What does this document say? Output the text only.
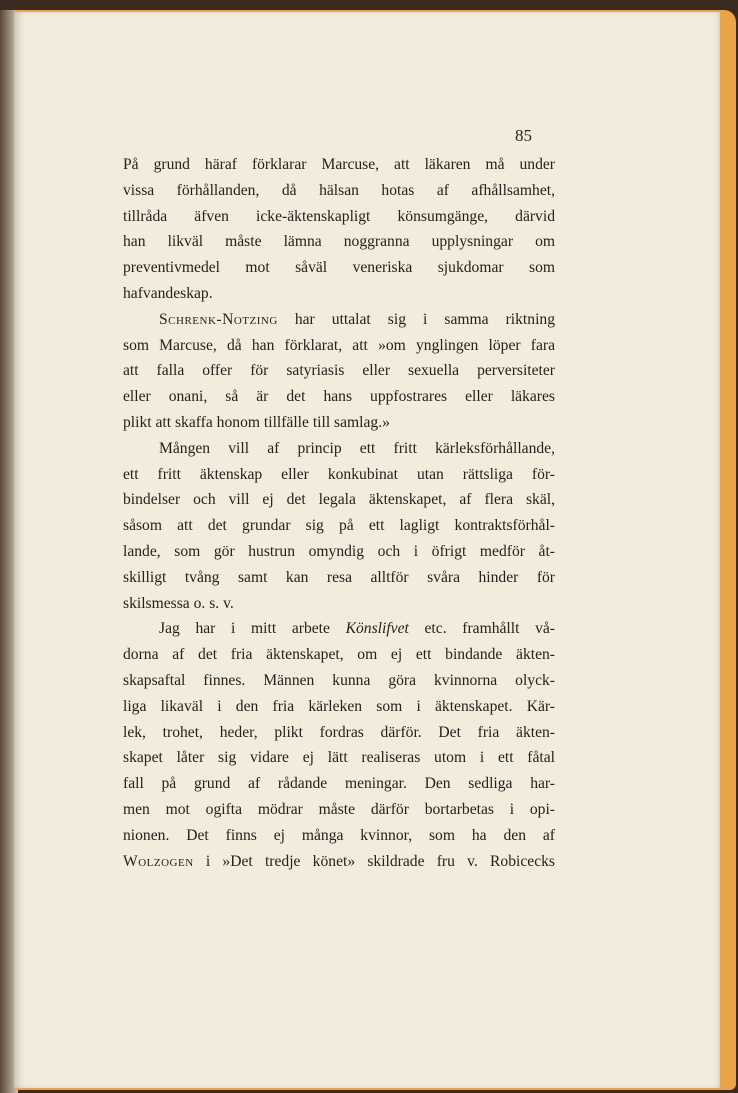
85
På grund häraf förklarar Marcuse, att läkaren må under
vissa förhållanden, då hälsan hotas af afhållsamhet,
tillråda äfven icke-äktenskapligt könsumgänge, därvid
han likväl måste lämna noggranna upplysningar om
preventivmedel mot såväl veneriska sjukdomar som
hafvandeskap.
Schrenk-Notzing har uttalat sig i samma riktning
som Marcuse, då han förklarat, att »om ynglingen löper fara
att falla offer för satyriasis eller sexuella perversiteter
eller onani, så är det hans uppfostrares eller läkares
plikt att skaffa honom tillfälle till samlag.»
Mången vill af princip ett fritt kärleksförhållande,
ett fritt äktenskap eller konkubinat utan rättsliga för-
bindelser och vill ej det legala äktenskapet, af flera skäl,
såsom att det grundar sig på ett lagligt kontraktsförhål-
lande, som gör hustrun omyndig och i öfrigt medför åt-
skilligt tvång samt kan resa alltför svåra hinder för
skilsmessa o. s. v.
Jag har i mitt arbete Könslifvet etc. framhållt vå-
dorna af det fria äktenskapet, om ej ett bindande äkten-
skapsaftal finnes. Männen kunna göra kvinnorna olyck-
liga likaväl i den fria kärleken som i äktenskapet. Kär-
lek, trohet, heder, plikt fordras därför. Det fria äkten-
skapet låter sig vidare ej lätt realiseras utom i ett fåtal
fall på grund af rådande meningar. Den sedliga har-
men mot ogifta mödrar måste därför bortarbetas i opi-
nionen. Det finns ej många kvinnor, som ha den af
Wolzogen i »Det tredje könet» skildrade fru v. Robicecks
